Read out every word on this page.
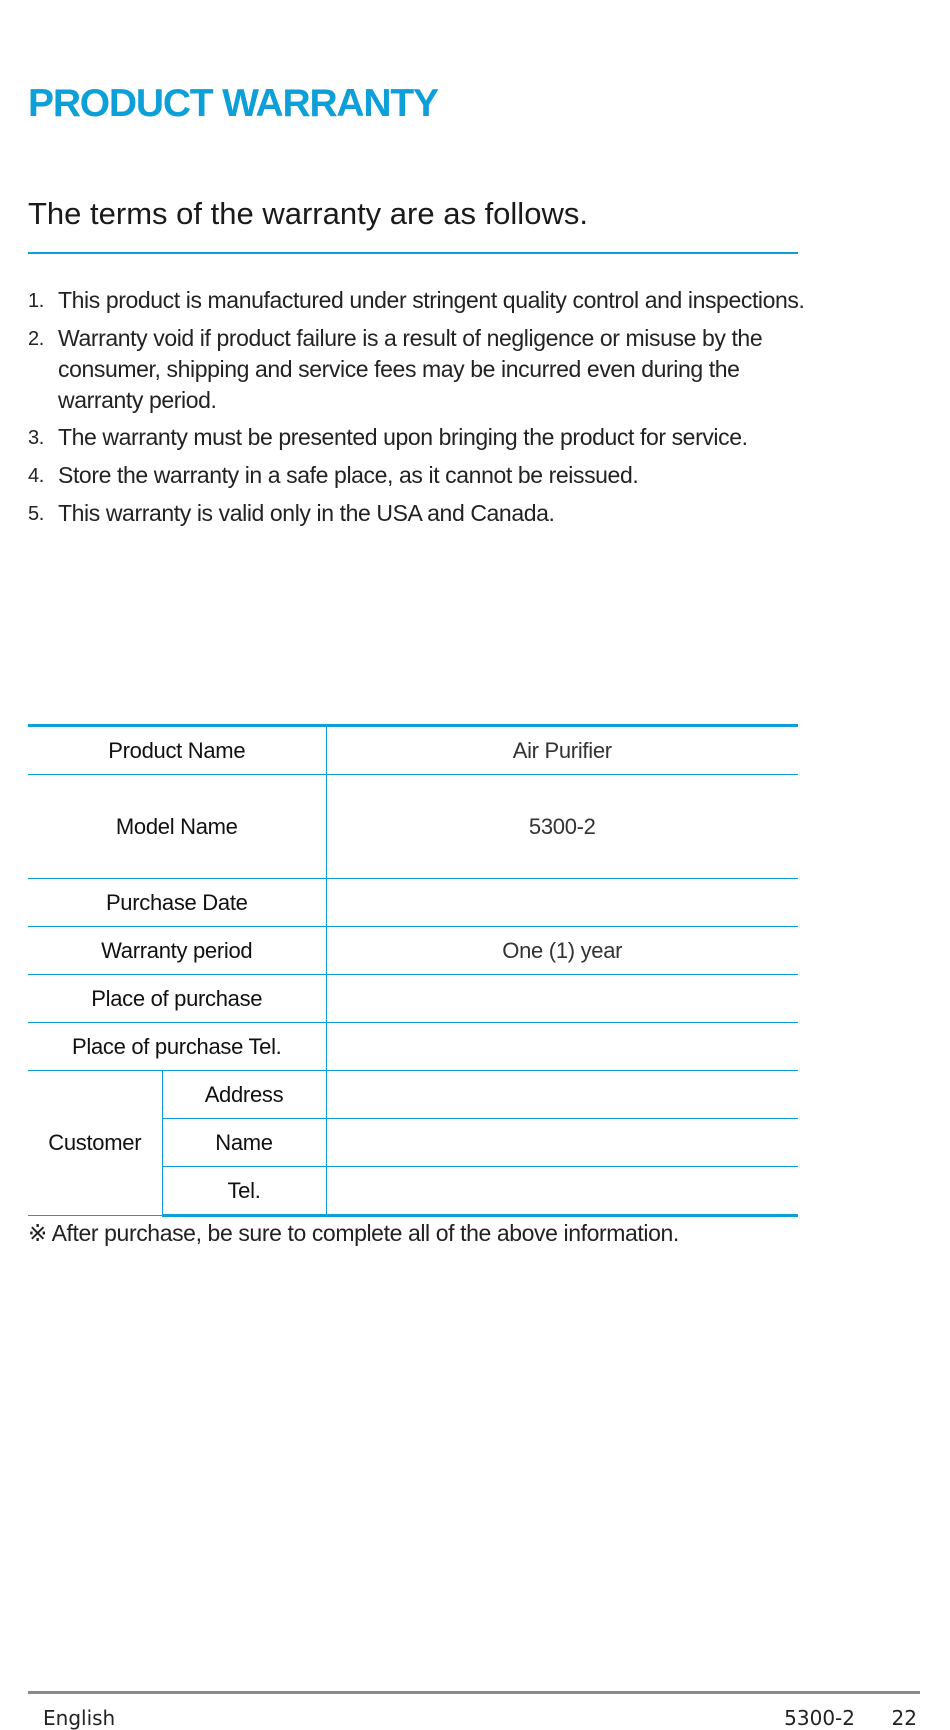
PRODUCT WARRANTY
The terms of the warranty are as follows.
1. This product is manufactured under stringent quality control and inspections.
2. Warranty void if product failure is a result of negligence or misuse by the consumer, shipping and service fees may be incurred even during the warranty period.
3. The warranty must be presented upon bringing the product for service.
4. Store the warranty in a safe place, as it cannot be reissued.
5. This warranty is valid only in the USA and Canada.
Product Name		Air Purifier
Model Name		5300-2
Purchase Date		
Warranty period		One (1) year
Place of purchase		
Place of purchase Tel.		
Customer	Address	
	Name	
	Tel.	

※ After purchase, be sure to complete all of the above information.

English	5300-2 22
